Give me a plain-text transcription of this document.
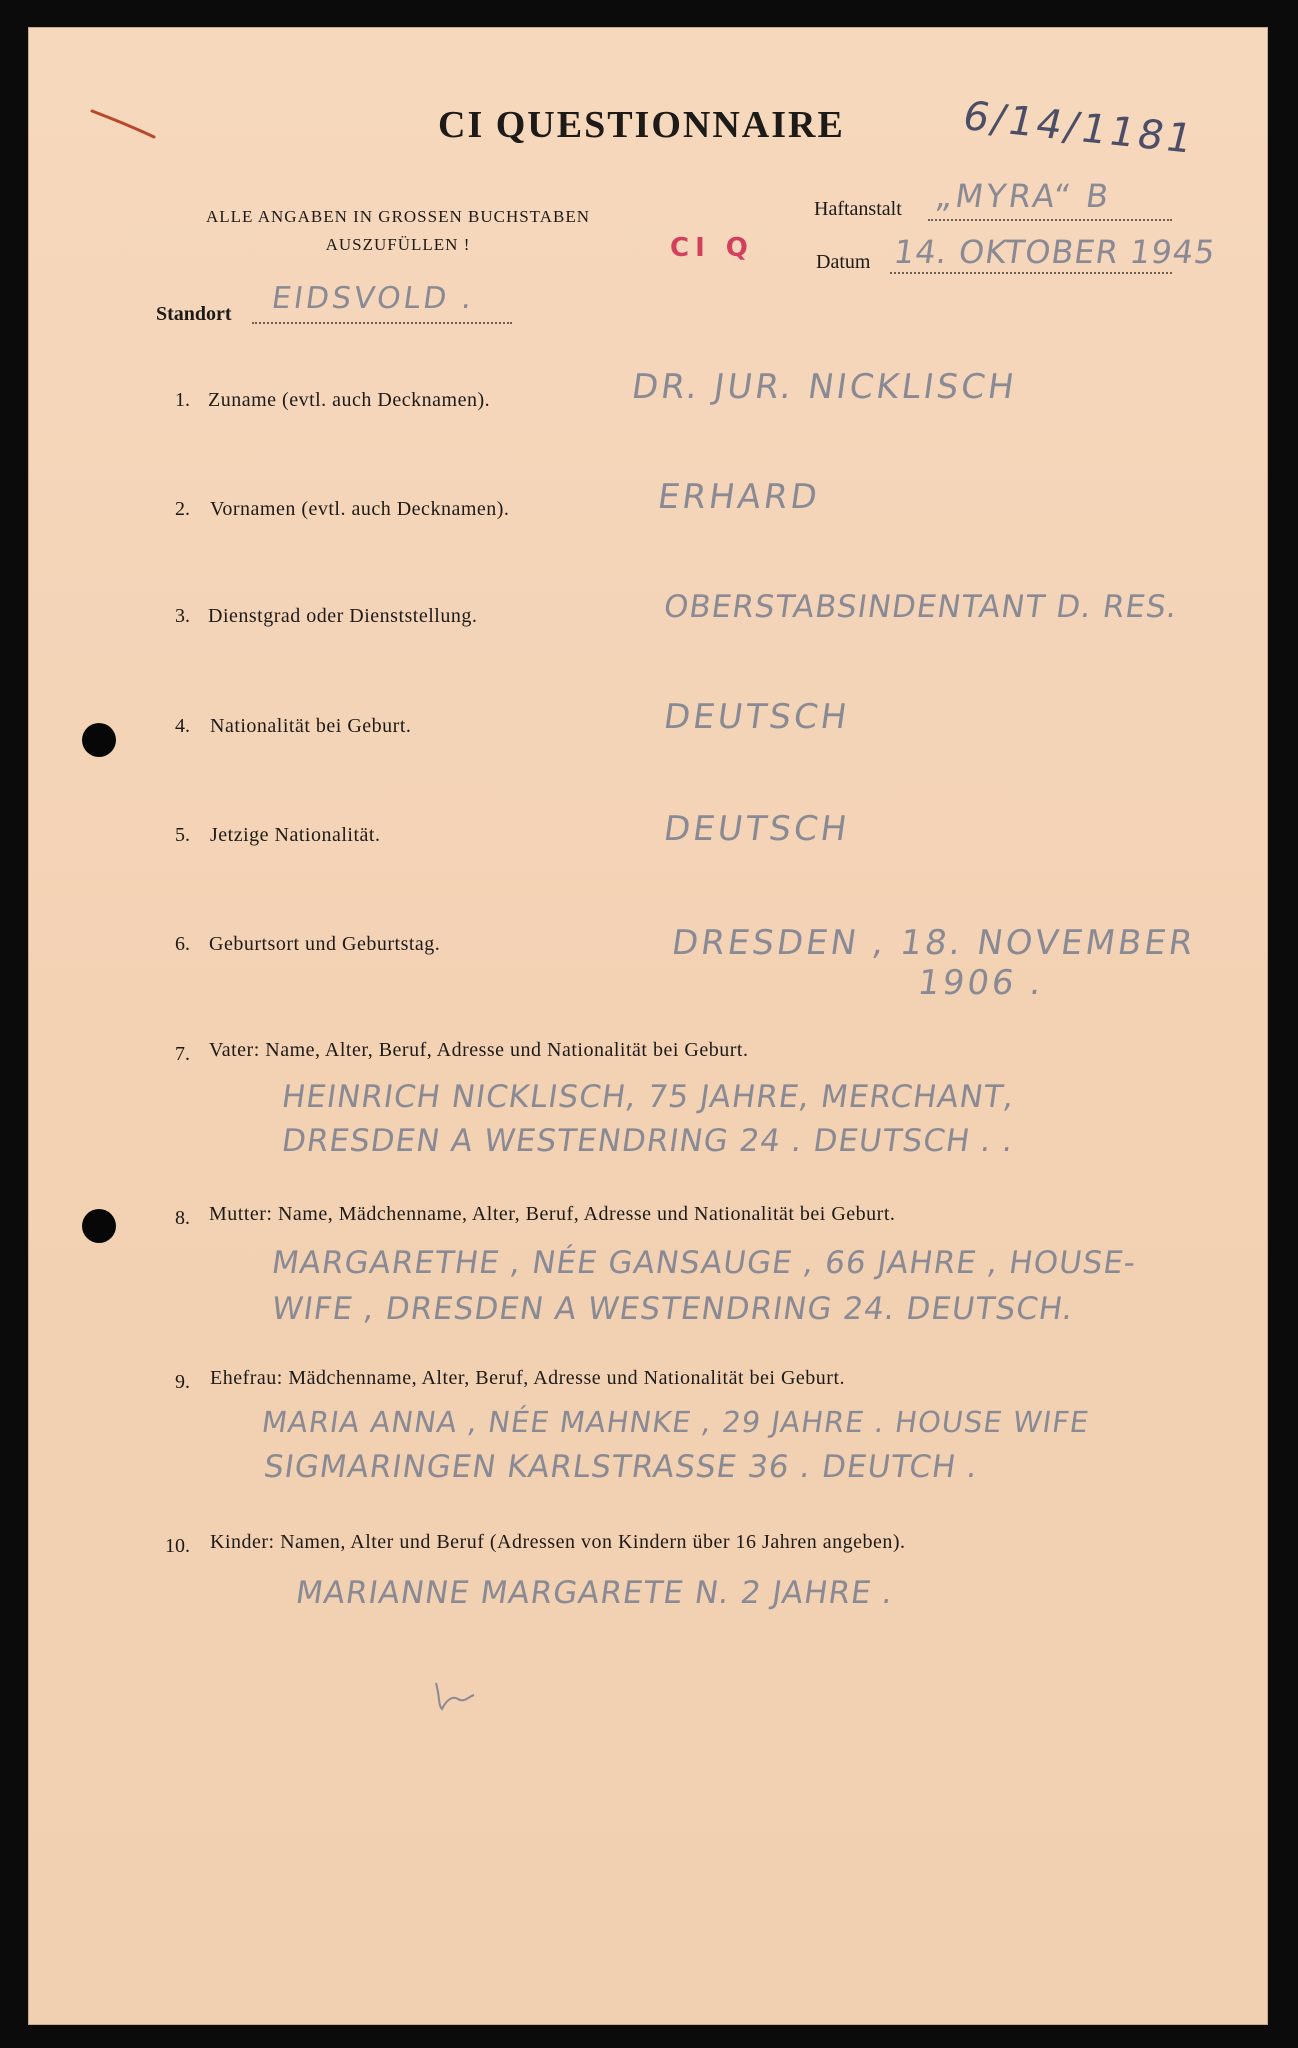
CI QUESTIONNAIRE	6/14/1181
ALLE ANGABEN IN GROSSEN BUCHSTABEN
AUSZUFÜLLEN !	CI Q
Haftanstalt „MYRA“ B
Datum 14. OKTOBER 1945
Standort EIDSVOLD .
1. Zuname (evtl. auch Decknamen).	DR. JUR. NICKLISCH
2. Vornamen (evtl. auch Decknamen).	ERHARD
3. Dienstgrad oder Dienststellung.	OBERSTABSINDENTANT D. RES.
4. Nationalität bei Geburt.	DEUTSCH
5. Jetzige Nationalität.	DEUTSCH
6. Geburtsort und Geburtstag.	DRESDEN , 18. NOVEMBER
1906 .
7. Vater: Name, Alter, Beruf, Adresse und Nationalität bei Geburt.
HEINRICH NICKLISCH, 75 JAHRE, MERCHANT,
DRESDEN A WESTENDRING 24 . DEUTSCH . .
8. Mutter: Name, Mädchenname, Alter, Beruf, Adresse und Nationalität bei Geburt.
MARGARETHE , NÉE GANSAUGE , 66 JAHRE , HOUSE-
WIFE , DRESDEN A WESTENDRING 24. DEUTSCH.
9. Ehefrau: Mädchenname, Alter, Beruf, Adresse und Nationalität bei Geburt.
MARIA ANNA , NÉE MAHNKE , 29 JAHRE . HOUSE WIFE
SIGMARINGEN KARLSTRASSE 36 . DEUTCH .
10. Kinder: Namen, Alter und Beruf (Adressen von Kindern über 16 Jahren angeben).
MARIANNE MARGARETE N. 2 JAHRE .
